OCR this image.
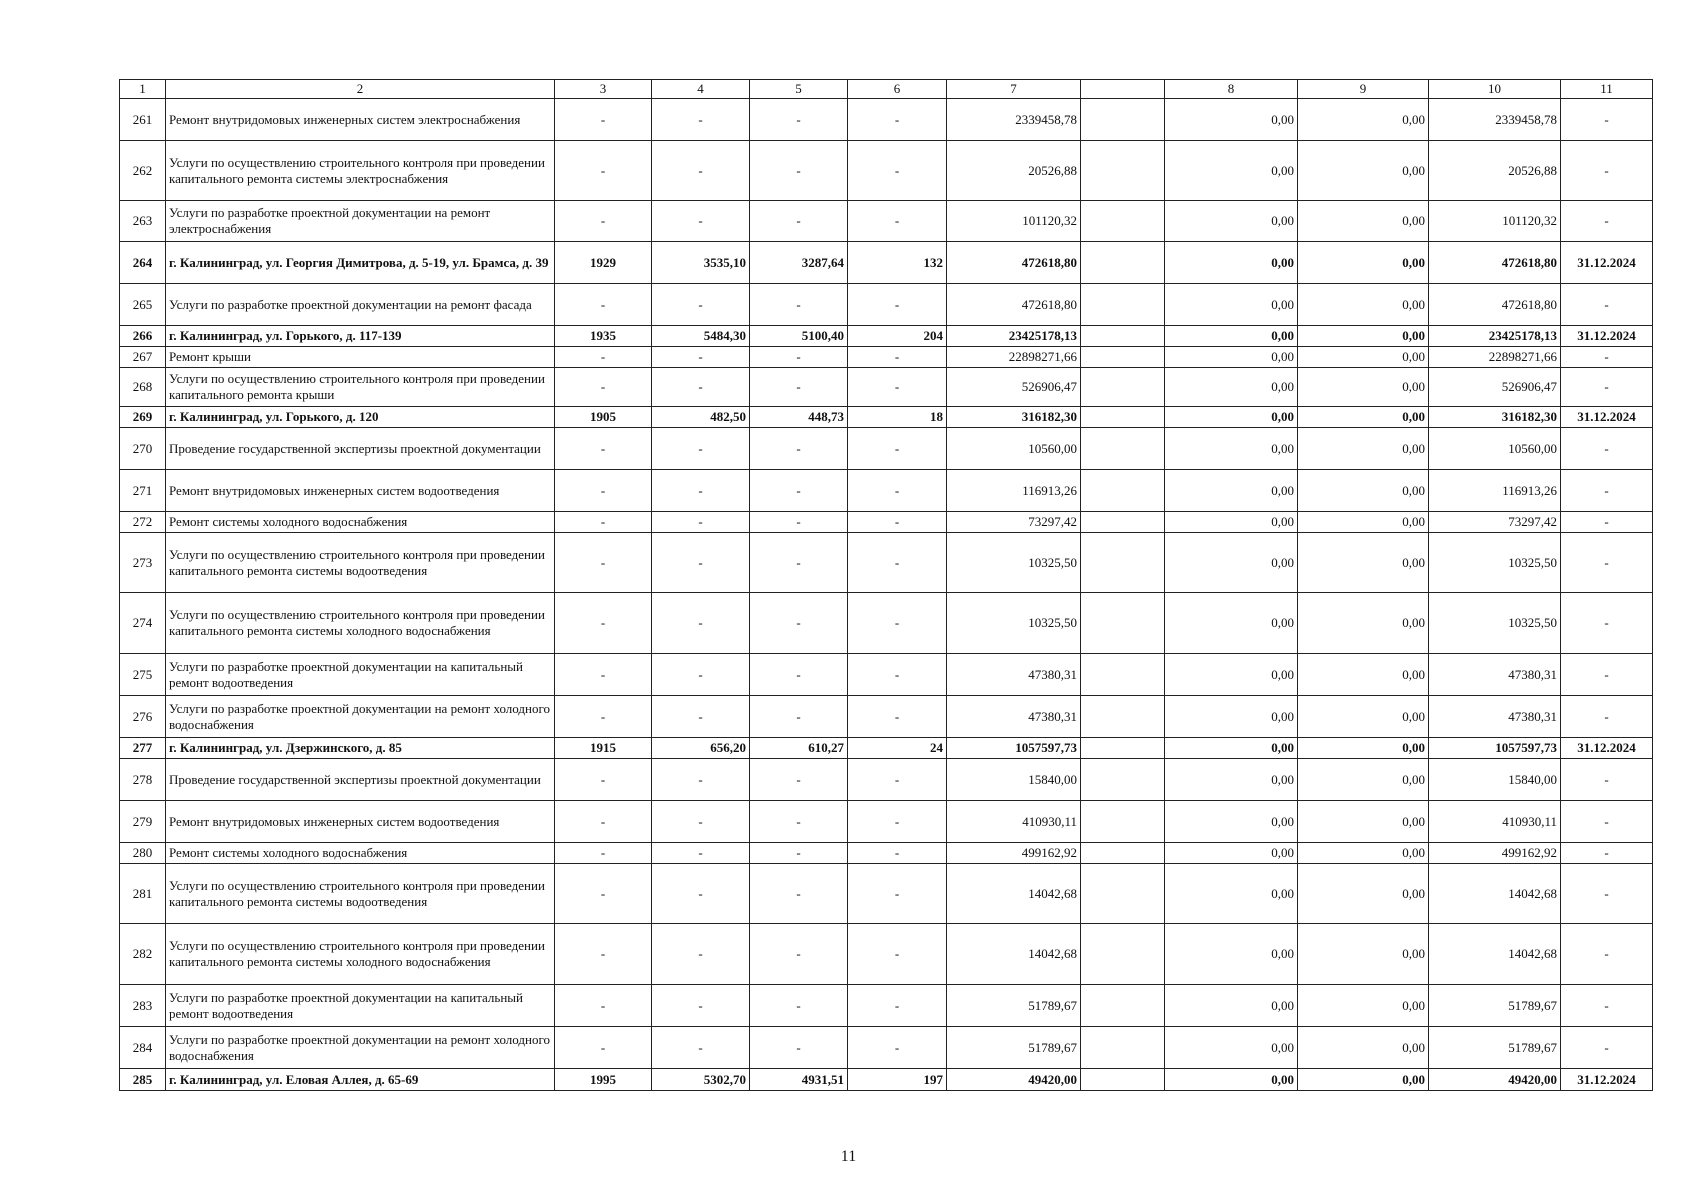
1	2	3	4	5	6	7		8	9	10	11
261	Ремонт внутридомовых инженерных систем электроснабжения	-	-	-	-	2339458,78		0,00	0,00	2339458,78	-
262	Услуги по осуществлению строительного контроля при проведении капитального ремонта системы электроснабжения	-	-	-	-	20526,88		0,00	0,00	20526,88	-
263	Услуги по разработке проектной документации на ремонт электроснабжения	-	-	-	-	101120,32		0,00	0,00	101120,32	-
264	г. Калининград, ул. Георгия Димитрова, д. 5-19, ул. Брамса, д. 39	1929	3535,10	3287,64	132	472618,80		0,00	0,00	472618,80	31.12.2024
265	Услуги по разработке проектной документации на ремонт фасада	-	-	-	-	472618,80		0,00	0,00	472618,80	-
266	г. Калининград, ул. Горького, д. 117-139	1935	5484,30	5100,40	204	23425178,13		0,00	0,00	23425178,13	31.12.2024
267	Ремонт крыши	-	-	-	-	22898271,66		0,00	0,00	22898271,66	-
268	Услуги по осуществлению строительного контроля при проведении капитального ремонта крыши	-	-	-	-	526906,47		0,00	0,00	526906,47	-
269	г. Калининград, ул. Горького, д. 120	1905	482,50	448,73	18	316182,30		0,00	0,00	316182,30	31.12.2024
270	Проведение государственной экспертизы проектной документации	-	-	-	-	10560,00		0,00	0,00	10560,00	-
271	Ремонт внутридомовых инженерных систем водоотведения	-	-	-	-	116913,26		0,00	0,00	116913,26	-
272	Ремонт системы холодного водоснабжения	-	-	-	-	73297,42		0,00	0,00	73297,42	-
273	Услуги по осуществлению строительного контроля при проведении капитального ремонта системы водоотведения	-	-	-	-	10325,50		0,00	0,00	10325,50	-
274	Услуги по осуществлению строительного контроля при проведении капитального ремонта системы холодного водоснабжения	-	-	-	-	10325,50		0,00	0,00	10325,50	-
275	Услуги по разработке проектной документации на капитальный ремонт водоотведения	-	-	-	-	47380,31		0,00	0,00	47380,31	-
276	Услуги по разработке проектной документации на ремонт холодного водоснабжения	-	-	-	-	47380,31		0,00	0,00	47380,31	-
277	г. Калининград, ул. Дзержинского, д. 85	1915	656,20	610,27	24	1057597,73		0,00	0,00	1057597,73	31.12.2024
278	Проведение государственной экспертизы проектной документации	-	-	-	-	15840,00		0,00	0,00	15840,00	-
279	Ремонт внутридомовых инженерных систем водоотведения	-	-	-	-	410930,11		0,00	0,00	410930,11	-
280	Ремонт системы холодного водоснабжения	-	-	-	-	499162,92		0,00	0,00	499162,92	-
281	Услуги по осуществлению строительного контроля при проведении капитального ремонта системы водоотведения	-	-	-	-	14042,68		0,00	0,00	14042,68	-
282	Услуги по осуществлению строительного контроля при проведении капитального ремонта системы холодного водоснабжения	-	-	-	-	14042,68		0,00	0,00	14042,68	-
283	Услуги по разработке проектной документации на капитальный ремонт водоотведения	-	-	-	-	51789,67		0,00	0,00	51789,67	-
284	Услуги по разработке проектной документации на ремонт холодного водоснабжения	-	-	-	-	51789,67		0,00	0,00	51789,67	-
285	г. Калининград, ул. Еловая Аллея, д. 65-69	1995	5302,70	4931,51	197	49420,00		0,00	0,00	49420,00	31.12.2024
11
